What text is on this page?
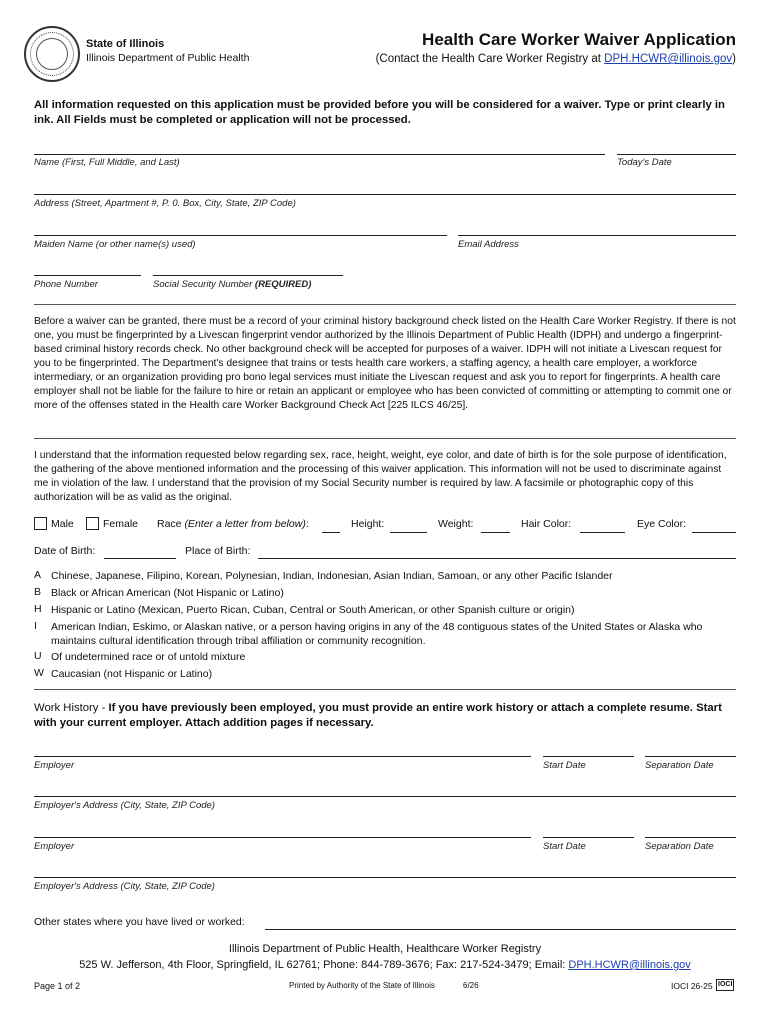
State of Illinois
Illinois Department of Public Health
Health Care Worker Waiver Application
(Contact the Health Care Worker Registry at DPH.HCWR@illinois.gov)
All information requested on this application must be provided before you will be considered for a waiver. Type or print clearly in ink. All Fields must be completed or application will not be processed.
Name (First, Full Middle, and Last)	Today's Date
Address (Street, Apartment #, P. 0. Box, City, State, ZIP Code)
Maiden Name (or other name(s) used)	Email Address
Phone Number	Social Security Number (REQUIRED)
Before a waiver can be granted, there must be a record of your criminal history background check listed on the Health Care Worker Registry. If there is not one, you must be fingerprinted by a Livescan fingerprint vendor authorized by the Illinois Department of Public Health (IDPH) and undergo a fingerprint-based criminal history records check. No other background check will be accepted for purposes of a waiver. IDPH will not initiate a Livescan request for you to be fingerprinted. The Department's designee that trains or tests health care workers, a staffing agency, a health care employer, a workforce intermediary, or an organization providing pro bono legal services must initiate the Livescan request and ask you to report for fingerprints. A health care employer shall not be liable for the failure to hire or retain an applicant or employee who has been convicted of committing or attempting to commit one or more of the offenses stated in the Health care Worker Background Check Act [225 ILCS 46/25].
I understand that the information requested below regarding sex, race, height, weight, eye color, and date of birth is for the sole purpose of identification, the gathering of the above mentioned information and the processing of this waiver application. This information will not be used to discriminate against me in violation of the law. I understand that the provision of my Social Security number is required by law. A facsimile or photographic copy of this authorization will be as valid as the original.
Male	Female Race (Enter a letter from below):	Height:	Weight:	Hair Color:	Eye Color:
Date of Birth:	Place of Birth:
A Chinese, Japanese, Filipino, Korean, Polynesian, Indian, Indonesian, Asian Indian, Samoan, or any other Pacific Islander
B Black or African American (Not Hispanic or Latino)
H Hispanic or Latino (Mexican, Puerto Rican, Cuban, Central or South American, or other Spanish culture or origin)
I	American Indian, Eskimo, or Alaskan native, or a person having origins in any of the 48 contiguous states of the United States or Alaska who maintains cultural identification through tribal affiliation or community recognition.
U Of undetermined race or of untold mixture
W Caucasian (not Hispanic or Latino)
Work History - If you have previously been employed, you must provide an entire work history or attach a complete resume. Start with your current employer. Attach addition pages if necessary.
Employer	Start Date	Separation Date
Employer's Address (City, State, ZIP Code)
Employer	Start Date	Separation Date
Employer's Address (City, State, ZIP Code)
Other states where you have lived or worked:
Illinois Department of Public Health, Healthcare Worker Registry
525 W. Jefferson, 4th Floor, Springfield, IL 62761; Phone: 844-789-3676; Fax: 217-524-3479; Email: DPH.HCWR@illinois.gov
Page 1 of 2	Printed by Authority of the State of Illinois	6/26	IOCI 26-25 IOCI
